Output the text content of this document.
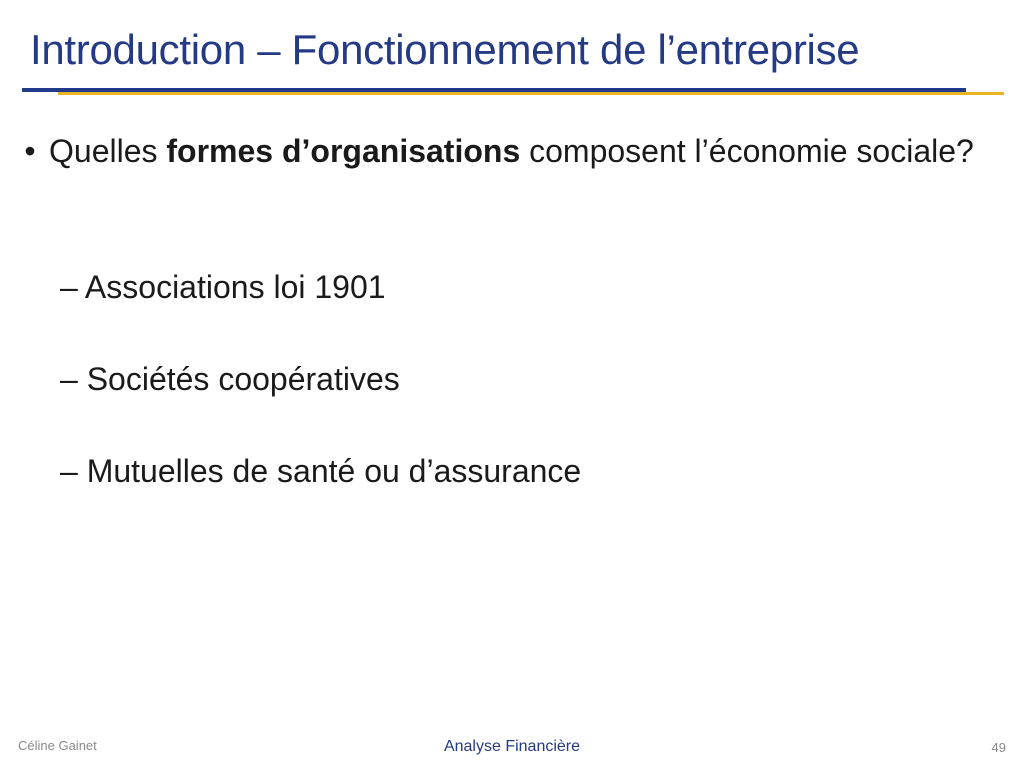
Introduction – Fonctionnement de l’entreprise
• Quelles formes d’organisations composent l’économie sociale?
– Associations loi 1901
– Sociétés coopératives
– Mutuelles de santé ou d’assurance
Céline Gainet	Analyse Financière	49
